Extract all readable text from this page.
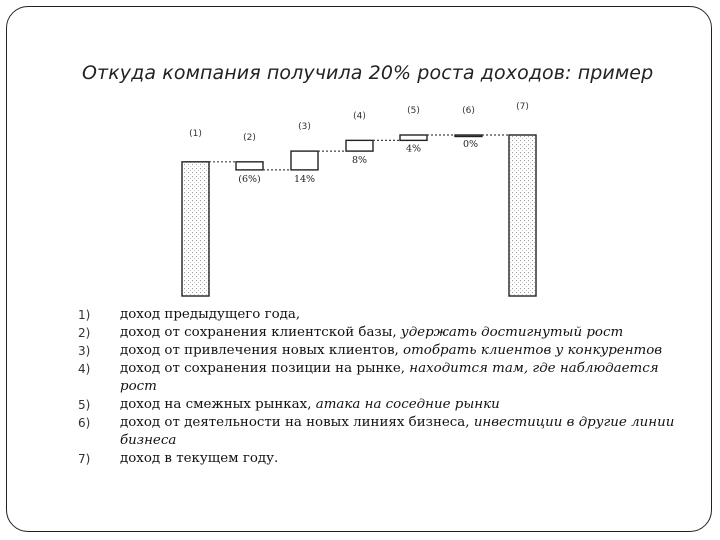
Откуда компания получила 20% роста доходов: пример
(1)	(2)
(6%)
(3)
14%
(4)
8%
(5)
4%
(6)
0%
(7)
1) доход предыдущего года,
2) доход от сохранения клиентской базы, удержать достигнутый рост
3) доход от привлечения новых клиентов, отобрать клиентов у конкурентов
4) доход от сохранения позиции на рынке, находится там, где наблюдается рост
5) доход на смежных рынках, атака на соседние рынки
6) доход от деятельности на новых линиях бизнеса, инвестиции в другие линии бизнеса
7) доход в текущем году.
